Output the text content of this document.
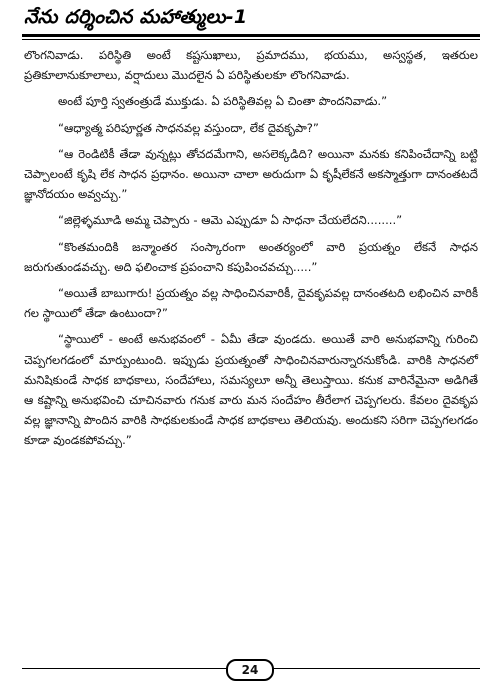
నేను దర్శించిన మహాత్ములు-1

లొంగనివాడు. పరిస్థితి అంటే కష్టసుఖాలు, ప్రమాదము, భయము, అస్వస్థత, ఇతరుల ప్రతికూలానుకూలాలు, వర్షాదులు మొదలైన ఏ పరిస్థితులకూ లొంగనివాడు.

అంటే పూర్తి స్వతంత్రుడే ముక్తుడు. ఏ పరిస్థితివల్ల ఏ చింతా పొందనివాడు.”

“ఆధ్యాత్మ పరిపూర్ణత సాధనవల్ల వస్తుందా, లేక దైవకృపా?”

“ఆ రెండిటికీ తేడా వున్నట్లు తోచదమేగాని, అసలెక్కడిది? అయినా మనకు కనిపించేదాన్ని బట్టి చెప్పాలంటే కృషి లేక సాధన ప్రధానం. అయినా చాలా అరుదుగా ఏ కృషీలేకనే అకస్మాత్తుగా దానంతటదే జ్ఞానోదయం అవ్వచ్చు.”

“జిల్లెళ్ళమూడి అమ్మ చెప్పారు - ఆమె ఎప్పుడూ ఏ సాధనా చేయలేదని........”

“కొంతమందికి జన్మాంతర సంస్కారంగా అంతర్యంలో వారి ప్రయత్నం లేకనే సాధన జరుగుతుండవచ్చు. అది ఫలించాక ప్రపంచాని కపుపించవచ్చు.....”

“అయితే బాబుగారు! ప్రయత్నం వల్ల సాధించినవారికీ, దైవకృపవల్ల దానంతటది లభించిన వారికీ గల స్థాయిలో తేడా ఉంటుందా?”

“స్థాయిలో - అంటే అనుభవంలో - ఏమీ తేడా వుండదు. అయితే వారి అనుభవాన్ని గురించి చెప్పగలగడంలో మార్పుంటుంది. ఇప్పుడు ప్రయత్నంతో సాధించినవారున్నారనుకోండి. వారికి సాధనలో మనిషికుండే సాధక బాధకాలు, సందేహాలు, సమస్యలూ అన్నీ తెలుస్తాయి. కనుక వారినేమైనా అడిగితే ఆ కష్టాన్ని అనుభవించి చూచినవారు గనుక వారు మన సందేహం తీరేలాగ చెప్పగలరు. కేవలం దైవకృప వల్ల జ్ఞానాన్ని పొందిన వారికి సాధకులకుండే సాధక బాధకాలు తెలియవు. అందుకని సరిగా చెప్పగలగడం కూడా వుండకపోవచ్చు.”

24
